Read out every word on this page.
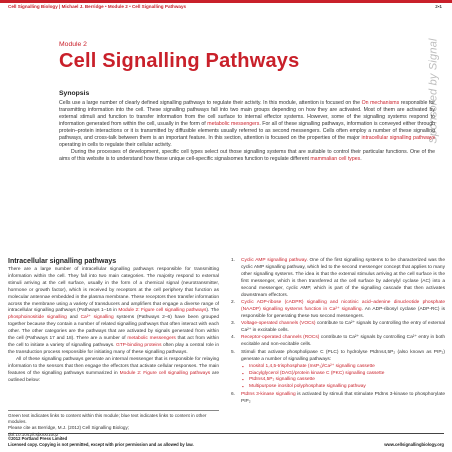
Cell Signalling Biology | Michael J. Berridge • Module 2 • Cell Signalling Pathways	2▪1
Sponsored by Signal
Module 2
Cell Signalling Pathways
Synopsis

Cells use a large number of clearly defined signalling pathways to regulate their activity. In this module, attention is focused on the On mechanisms responsible for transmitting information into the cell. These signalling pathways fall into two main groups depending on how they are activated. Most of them are activated by external stimuli and function to transfer information from the cell surface to internal effector systems. However, some of the signalling systems respond to information generated from within the cell, usually in the form of metabolic messengers. For all of these signalling pathways, information is conveyed either through protein–protein interactions or it is transmitted by diffusible elements usually referred to as second messengers. Cells often employ a number of these signalling pathways, and cross-talk between them is an important feature. In this section, attention is focused on the properties of the major intracellular signalling pathways operating in cells to regulate their cellular activity.

During the processes of development, specific cell types select out those signalling systems that are suitable to control their particular functions. One of the aims of this website is to understand how these unique cell-specific signalsomes function to regulate different mammalian cell types.

Intracellular signalling pathways

There are a large number of intracellular signalling pathways responsible for transmitting information within the cell. They fall into two main categories. The majority respond to external stimuli arriving at the cell surface, usually in the form of a chemical signal (neurotransmitter, hormone or growth factor), which is received by receptors at the cell periphery that function as molecular antennae embedded in the plasma membrane. These receptors then transfer information across the membrane using a variety of transducers and amplifiers that engage a diverse range of intracellular signalling pathways (Pathways 1–16 in Module 2: Figure cell signalling pathways). The phosphoinositide signalling and Ca²⁺ signalling systems (Pathways 2–6) have been grouped together because they contain a number of related signalling pathways that often interact with each other. The other categories are the pathways that are activated by signals generated from within the cell (Pathways 17 and 18). There are a number of metabolic messengers that act from within the cell to initiate a variety of signalling pathways. GTP-binding proteins often play a central role in the transduction process responsible for initiating many of these signalling pathways.

All of these signalling pathways generate an internal messenger that is responsible for relaying information to the sensors that then engage the effectors that activate cellular responses. The main features of the signalling pathways summarized in Module 2: Figure cell signalling pathways are outlined below:

Green text indicates links to content within this module; blue text indicates links to content in other modules.

Please cite as Berridge, M.J. (2012) Cell Signalling Biology;

doi:10.1042/csb0001002

1. Cyclic AMP signalling pathway. One of the first signalling systems to be characterized was the cyclic AMP signalling pathway, which led to the second messenger concept that applies to many other signalling systems. The idea is that the external stimulus arriving at the cell surface is the first messenger, which is then transferred at the cell surface by adenylyl cyclase (AC) into a second messenger, cyclic AMP, which is part of the signalling cascade that then activates downstream effectors.
2. Cyclic ADP-ribose (cADPR) signalling and nicotinic acid–adenine dinucleotide phosphate (NAADP) signalling systems function in Ca²⁺ signalling. An ADP-ribosyl cyclase (ADP-RC) is responsible for generating these two second messengers.
3. Voltage-operated channels (VOCs) contribute to Ca²⁺ signals by controlling the entry of external Ca²⁺ in excitable cells.
4. Receptor-operated channels (ROCs) contribute to Ca²⁺ signals by controlling Ca²⁺ entry in both excitable and non-excitable cells.
5. Stimuli that activate phospholipase C (PLC) to hydrolyse PtdIns4,5P₂ (also known as PIP₂) generate a number of signalling pathways:
▪ Inositol 1,4,5-trisphosphate (InsP₃)/Ca²⁺ signalling cassette
▪ Diacylglycerol (DAG)/protein kinase C (PKC) signalling cassette
▪ PtdIns4,5P₂ signalling cassette
▪ Multipurpose inositol polyphosphate signalling pathway
6. PtdIns 3-kinase signalling is activated by stimuli that stimulate PtdIns 3-kinase to phosphorylate PIP₂
©2012 Portland Press Limited
Licensed copy. Copying is not permitted, except with prior permission and as allowed by law.	www.cellsignallingbiology.org
